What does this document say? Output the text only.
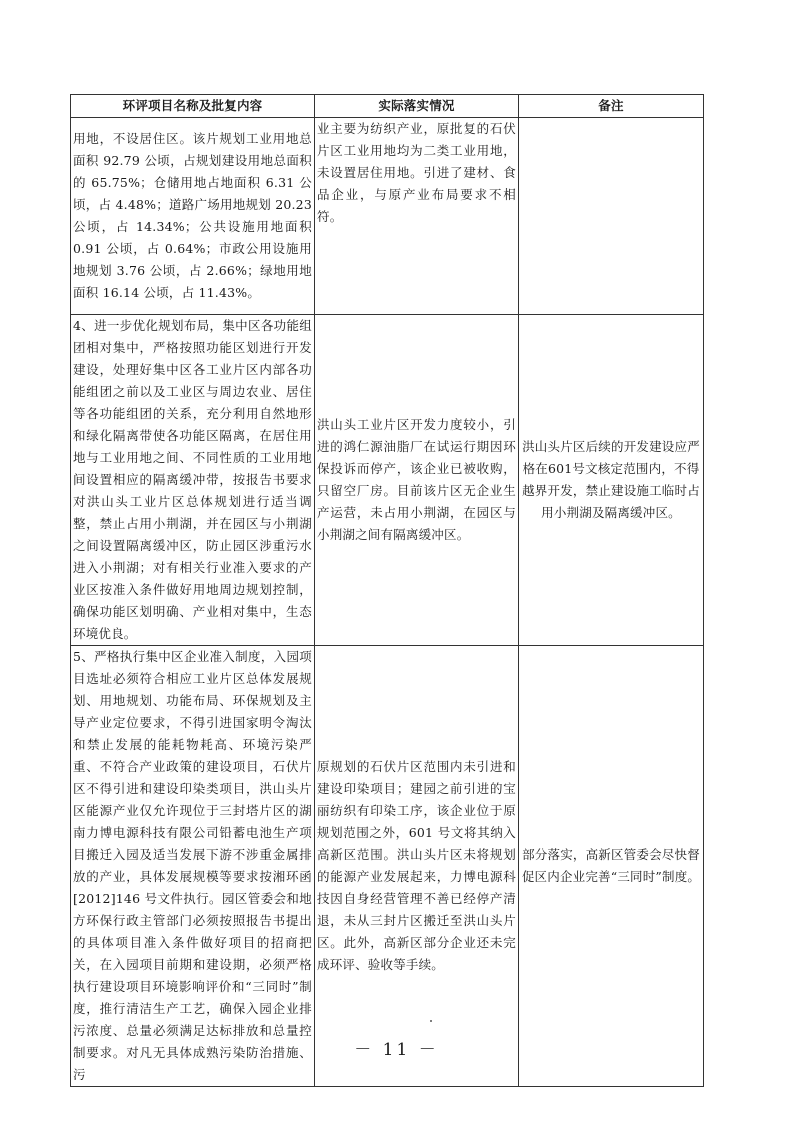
环评项目名称及批复内容	实际落实情况	备注
用地，不设居住区。该片规划工业用地总面积 92.79 公顷，占规划建设用地总面积的 65.75%；仓储用地占地面积 6.31 公顷，占 4.48%；道路广场用地规划 20.23 公顷，占 14.34%；公共设施用地面积 0.91 公顷，占 0.64%；市政公用设施用地规划 3.76 公顷，占 2.66%；绿地用地面积 16.14 公顷，占 11.43%。	业主要为纺织产业，原批复的石伏片区工业用地均为二类工业用地，未设置居住用地。引进了建材、食品企业，与原产业布局要求不相符。	
4、进一步优化规划布局，集中区各功能组团相对集中，严格按照功能区划进行开发建设，处理好集中区各工业片区内部各功能组团之前以及工业区与周边农业、居住等各功能组团的关系，充分利用自然地形和绿化隔离带使各功能区隔离，在居住用地与工业用地之间、不同性质的工业用地间设置相应的隔离缓冲带，按报告书要求对洪山头工业片区总体规划进行适当调整，禁止占用小荆湖，并在园区与小荆湖之间设置隔离缓冲区，防止园区涉重污水进入小荆湖；对有相关行业准入要求的产业区按准入条件做好用地周边规划控制，确保功能区划明确、产业相对集中，生态环境优良。	洪山头工业片区开发力度较小，引进的鸿仁源油脂厂在试运行期因环保投诉而停产，该企业已被收购，只留空厂房。目前该片区无企业生产运营，未占用小荆湖，在园区与小荆湖之间有隔离缓冲区。	洪山头片区后续的开发建设应严格在601号文核定范围内，不得越界开发，禁止建设施工临时占用小荆湖及隔离缓冲区。
5、严格执行集中区企业准入制度，入园项目选址必须符合相应工业片区总体发展规划、用地规划、功能布局、环保规划及主导产业定位要求，不得引进国家明令淘汰和禁止发展的能耗物耗高、环境污染严重、不符合产业政策的建设项目，石伏片区不得引进和建设印染类项目，洪山头片区能源产业仅允许现位于三封塔片区的湖南力博电源科技有限公司铅蓄电池生产项目搬迁入园及适当发展下游不涉重金属排放的产业，具体发展规模等要求按湘环函[2012]146 号文件执行。园区管委会和地方环保行政主管部门必须按照报告书提出的具体项目准入条件做好项目的招商把关，在入园项目前期和建设期，必须严格执行建设项目环境影响评价和“三同时”制度，推行清洁生产工艺，确保入园企业排污浓度、总量必须满足达标排放和总量控制要求。对凡无具体成熟污染防治措施、污	原规划的石伏片区范围内未引进和建设印染项目；建园之前引进的宝丽纺织有印染工序，该企业位于原规划范围之外，601 号文将其纳入高新区范围。洪山头片区未将规划的能源产业发展起来，力博电源科技因自身经营管理不善已经停产清退，未从三封片区搬迁至洪山头片区。此外，高新区部分企业还未完成环评、验收等手续。	部分落实，高新区管委会尽快督促区内企业完善“三同时”制度。
－ 11 －
